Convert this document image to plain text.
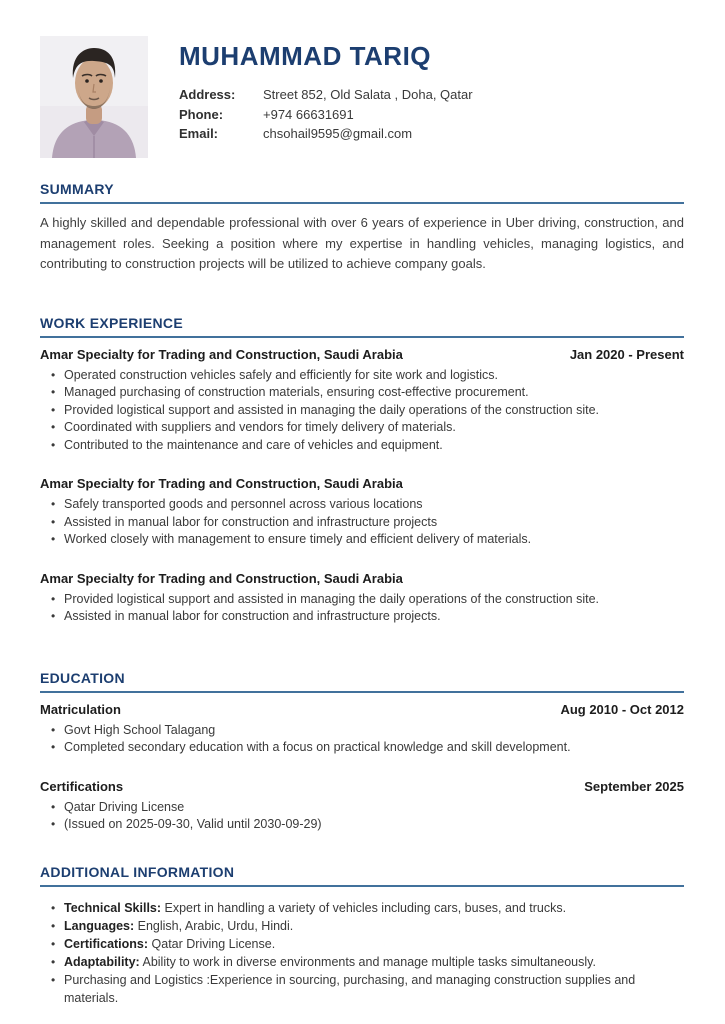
MUHAMMAD TARIQ
Address:	Street 852, Old Salata , Doha, Qatar
Phone:	+974 66631691
Email:	chsohail9595@gmail.com
SUMMARY
A highly skilled and dependable professional with over 6 years of experience in Uber driving, construction, and management roles. Seeking a position where my expertise in handling vehicles, managing logistics, and contributing to construction projects will be utilized to achieve company goals.
WORK EXPERIENCE
Amar Specialty for Trading and Construction, Saudi Arabia	Jan 2020 - Present
• Operated construction vehicles safely and efficiently for site work and logistics.
• Managed purchasing of construction materials, ensuring cost-effective procurement.
• Provided logistical support and assisted in managing the daily operations of the construction site.
• Coordinated with suppliers and vendors for timely delivery of materials.
• Contributed to the maintenance and care of vehicles and equipment.
Amar Specialty for Trading and Construction, Saudi Arabia
• Safely transported goods and personnel across various locations
• Assisted in manual labor for construction and infrastructure projects
• Worked closely with management to ensure timely and efficient delivery of materials.
Amar Specialty for Trading and Construction, Saudi Arabia
• Provided logistical support and assisted in managing the daily operations of the construction site.
• Assisted in manual labor for construction and infrastructure projects.
EDUCATION
Matriculation	Aug 2010 - Oct 2012
• Govt High School Talagang
• Completed secondary education with a focus on practical knowledge and skill development.
Certifications	September 2025
• Qatar Driving License
• (Issued on 2025-09-30, Valid until 2030-09-29)
ADDITIONAL INFORMATION
• Technical Skills: Expert in handling a variety of vehicles including cars, buses, and trucks.
• Languages: English, Arabic, Urdu, Hindi.
• Certifications: Qatar Driving License.
• Adaptability: Ability to work in diverse environments and manage multiple tasks simultaneously.
• Purchasing and Logistics :Experience in sourcing, purchasing, and managing construction supplies and materials.
